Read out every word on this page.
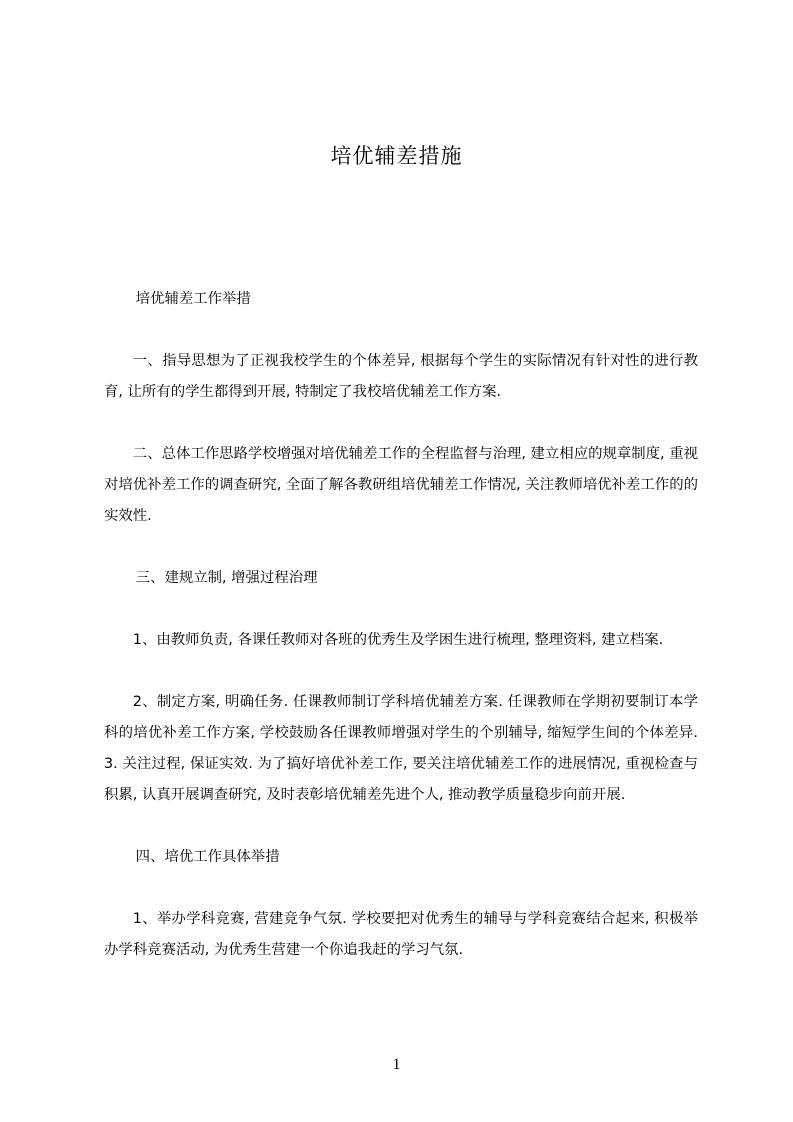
培优辅差措施

培优辅差工作举措

一、指导思想为了正视我校学生的个体差异, 根据每个学生的实际情况有针对性的进行教育, 让所有的学生都得到开展, 特制定了我校培优辅差工作方案.

二、总体工作思路学校增强对培优辅差工作的全程监督与治理, 建立相应的规章制度, 重视对培优补差工作的调查研究, 全面了解各教研组培优辅差工作情况, 关注教师培优补差工作的的实效性.

三、建规立制, 增强过程治理

1、由教师负责, 各课任教师对各班的优秀生及学困生进行梳理, 整理资料, 建立档案.

2、制定方案, 明确任务. 任课教师制订学科培优辅差方案. 任课教师在学期初要制订本学科的培优补差工作方案, 学校鼓励各任课教师增强对学生的个别辅导, 缩短学生间的个体差异. 3. 关注过程, 保证实效. 为了搞好培优补差工作, 要关注培优辅差工作的进展情况, 重视检查与积累, 认真开展调查研究, 及时表彰培优辅差先进个人, 推动教学质量稳步向前开展.

四、培优工作具体举措

1、举办学科竞赛, 营建竞争气氛. 学校要把对优秀生的辅导与学科竞赛结合起来, 积极举办学科竞赛活动, 为优秀生营建一个你追我赶的学习气氛.

1
